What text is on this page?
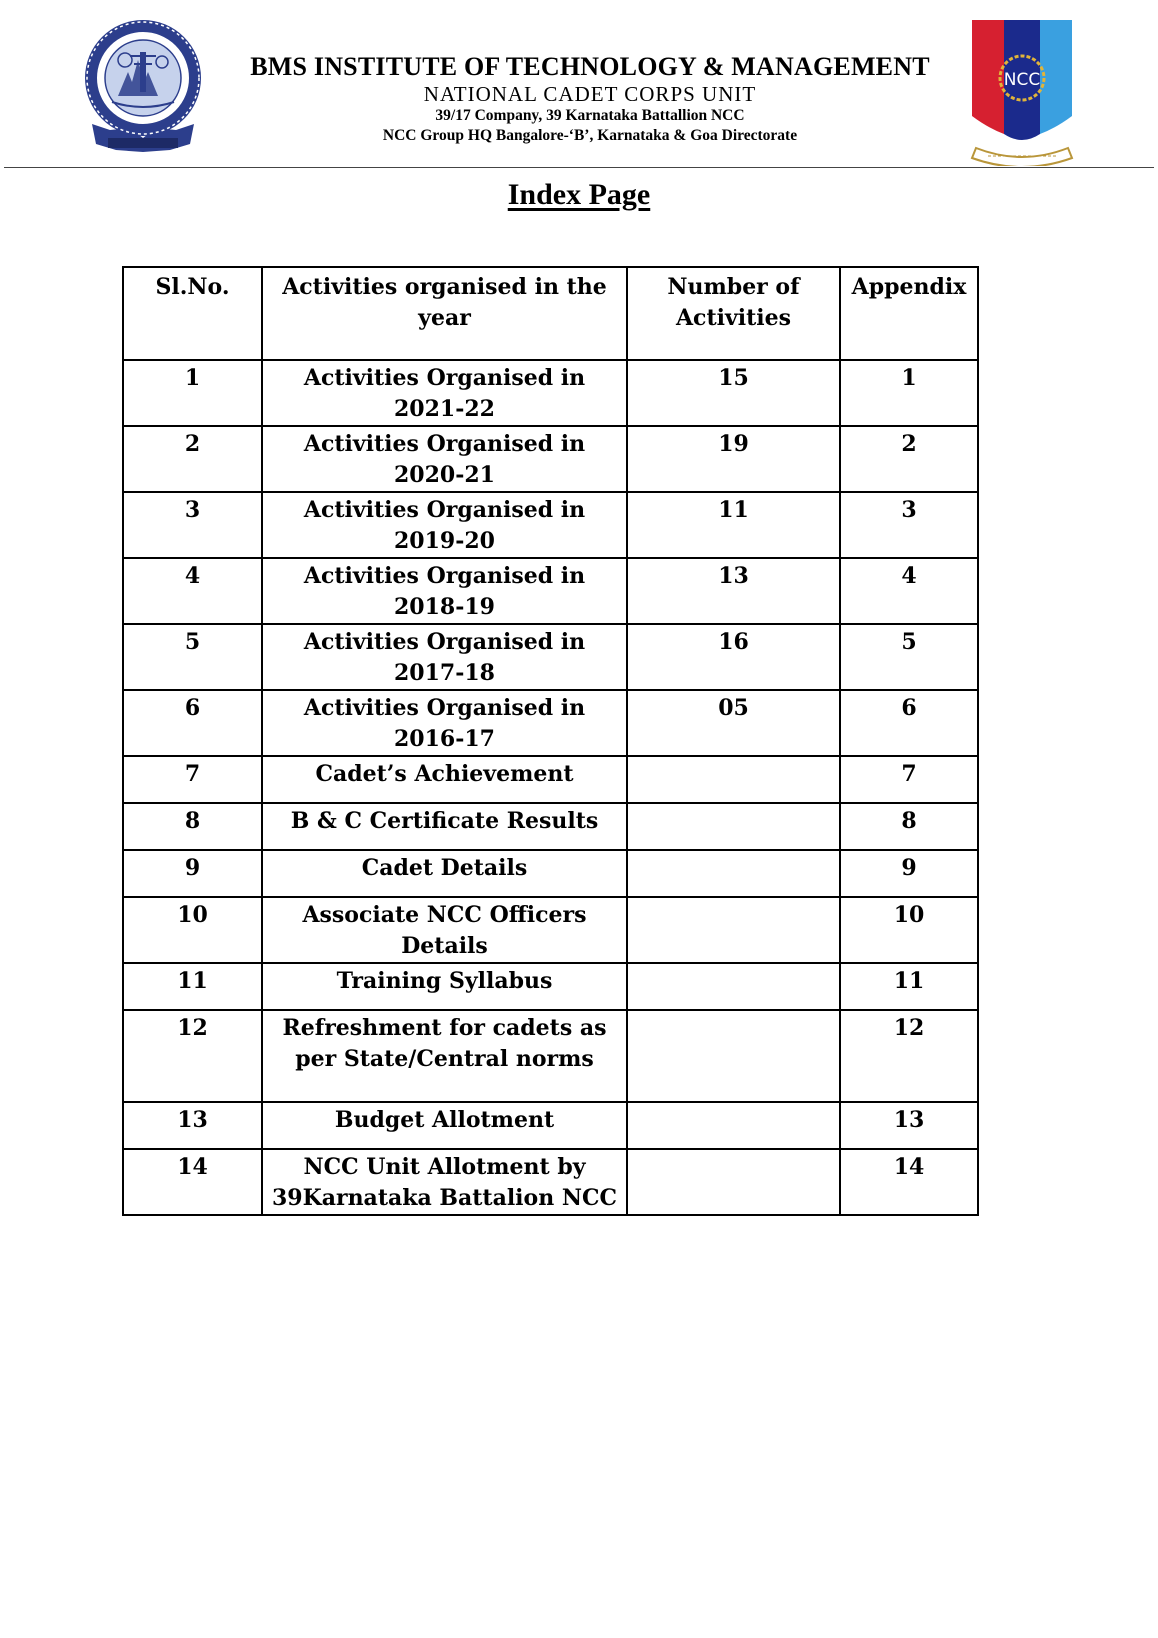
BMS INSTITUTE OF TECHNOLOGY & MANAGEMENT
NATIONAL CADET CORPS UNIT
39/17 Company, 39 Karnataka Battallion NCC
NCC Group HQ Bangalore-‘B’, Karnataka & Goa Directorate
NCC
Index Page
Sl.No.	Activities organised in the year	Number of Activities	Appendix
1	Activities Organised in 2021-22	15	1
2	Activities Organised in 2020-21	19	2
3	Activities Organised in 2019-20	11	3
4	Activities Organised in 2018-19	13	4
5	Activities Organised in 2017-18	16	5
6	Activities Organised in 2016-17	05	6
7	Cadet’s Achievement		7
8	B & C Certificate Results		8
9	Cadet Details		9
10	Associate NCC Officers Details		10
11	Training Syllabus		11
12	Refreshment for cadets as per State/Central norms		12
13	Budget Allotment		13
14	NCC Unit Allotment by 39Karnataka Battalion NCC		14
